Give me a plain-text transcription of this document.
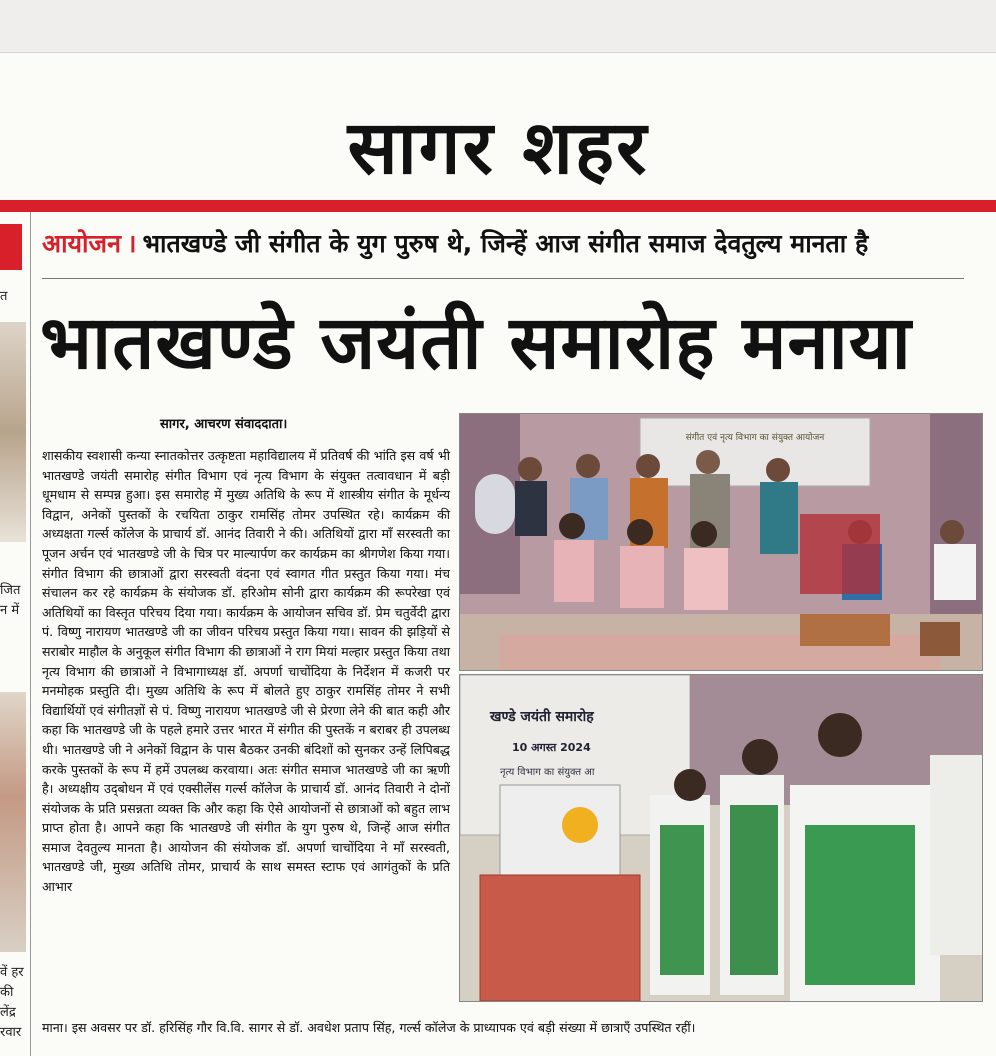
सागर शहर
त
जित
न में
वें हर
की
लेंद्र
रवार
आयोजन । भातखण्डे जी संगीत के युग पुरुष थे, जिन्हें आज संगीत समाज देवतुल्य मानता है
भातखण्डे जयंती समारोह मनाया
सागर, आचरण संवाददाता।
शासकीय स्वशासी कन्या स्नातकोत्तर उत्कृष्टता महाविद्यालय में प्रतिवर्ष की भांति इस वर्ष भी भातखण्डे जयंती समारोह संगीत विभाग एवं नृत्य विभाग के संयुक्त तत्वावधान में बड़ी धूमधाम से सम्पन्न हुआ। इस समारोह में मुख्य अतिथि के रूप में शास्त्रीय संगीत के मूर्धन्य विद्वान, अनेकों पुस्तकों के रचयिता ठाकुर रामसिंह तोमर उपस्थित रहे। कार्यक्रम की अध्यक्षता गर्ल्स कॉलेज के प्राचार्य डॉ. आनंद तिवारी ने की। अतिथियों द्वारा माँ सरस्वती का पूजन अर्चन एवं भातखण्डे जी के चित्र पर माल्यार्पण कर कार्यक्रम का श्रीगणेश किया गया। संगीत विभाग की छात्राओं द्वारा सरस्वती वंदना एवं स्वागत गीत प्रस्तुत किया गया। मंच संचालन कर रहे कार्यक्रम के संयोजक डॉ. हरिओम सोनी द्वारा कार्यक्रम की रूपरेखा एवं अतिथियों का विस्तृत परिचय दिया गया। कार्यक्रम के आयोजन सचिव डॉ. प्रेम चतुर्वेदी द्वारा पं. विष्णु नारायण भातखण्डे जी का जीवन परिचय प्रस्तुत किया गया। सावन की झड़ियों से सराबोर माहौल के अनुकूल संगीत विभाग की छात्राओं ने राग मियां मल्हार प्रस्तुत किया तथा नृत्य विभाग की छात्राओं ने विभागाध्यक्ष डॉ. अपर्णा चाचोंदिया के निर्देशन में कजरी पर मनमोहक प्रस्तुति दी। मुख्य अतिथि के रूप में बोलते हुए ठाकुर रामसिंह तोमर ने सभी विद्यार्थियों एवं संगीतज्ञों से पं. विष्णु नारायण भातखण्डे जी से प्रेरणा लेने की बात कही और कहा कि भातखण्डे जी के पहले हमारे उत्तर भारत में संगीत की पुस्तकें न बराबर ही उपलब्ध थी। भातखण्डे जी ने अनेकों विद्वान के पास बैठकर उनकी बंदिशों को सुनकर उन्हें लिपिबद्ध करके पुस्तकों के रूप में हमें उपलब्ध करवाया। अतः संगीत समाज भातखण्डे जी का ऋणी है। अध्यक्षीय उद्‌बोधन में एवं एक्सीलेंस गर्ल्स कॉलेज के प्राचार्य डॉ. आनंद तिवारी ने दोनों संयोजक के प्रति प्रसन्नता व्यक्त कि और कहा कि ऐसे आयोजनों से छात्राओं को बहुत लाभ प्राप्त होता है। आपने कहा कि भातखण्डे जी संगीत के युग पुरुष थे, जिन्हें आज संगीत समाज देवतुल्य मानता है। आयोजन की संयोजक डॉ. अपर्णा चाचोंदिया ने माँ सरस्वती, भातखण्डे जी, मुख्य अतिथि तोमर, प्राचार्य के साथ समस्त स्टाफ एवं आगंतुकों के प्रति आभार
माना। इस अवसर पर डॉ. हरिसिंह गौर वि.वि. सागर से डॉ. अवधेश प्रताप सिंह, गर्ल्स कॉलेज के प्राध्यापक एवं बड़ी संख्या में छात्राएँ उपस्थित रहीं।
संगीत एवं नृत्य विभाग का संयुक्त आयोजन
खण्डे जयंती समारोह
10 अगस्त 2024
नृत्य विभाग का संयुक्त आ
